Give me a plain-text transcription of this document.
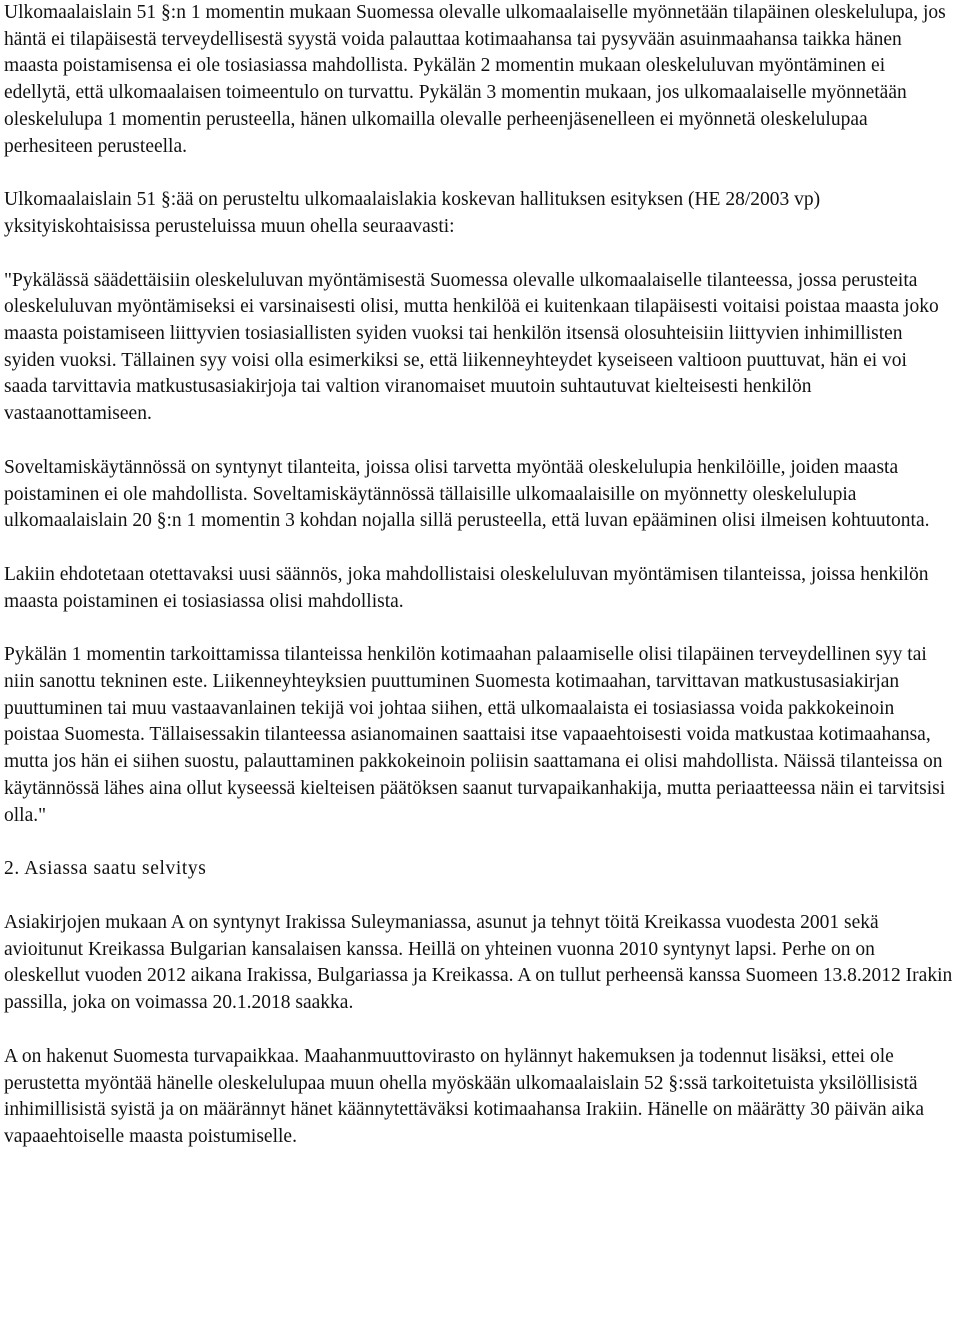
Ulkomaalaislain 51 §:n 1 momentin mukaan Suomessa olevalle ulkomaalaiselle myönnetään tilapäinen oleskelulupa, jos häntä ei tilapäisestä terveydellisestä syystä voida palauttaa kotimaahansa tai pysyvään asuinmaahansa taikka hänen maasta poistamisensa ei ole tosiasiassa mahdollista. Pykälän 2 momentin mukaan oleskeluluvan myöntäminen ei edellytä, että ulkomaalaisen toimeentulo on turvattu. Pykälän 3 momentin mukaan, jos ulkomaalaiselle myönnetään oleskelulupa 1 momentin perusteella, hänen ulkomailla olevalle perheenjäsenelleen ei myönnetä oleskelulupaa perhesiteen perusteella.

Ulkomaalaislain 51 §:ää on perusteltu ulkomaalaislakia koskevan hallituksen esityksen (HE 28/2003 vp) yksityiskohtaisissa perusteluissa muun ohella seuraavasti:

"Pykälässä säädettäisiin oleskeluluvan myöntämisestä Suomessa olevalle ulkomaalaiselle tilanteessa, jossa perusteita oleskeluluvan myöntämiseksi ei varsinaisesti olisi, mutta henkilöä ei kuitenkaan tilapäisesti voitaisi poistaa maasta joko maasta poistamiseen liittyvien tosiasiallisten syiden vuoksi tai henkilön itsensä olosuhteisiin liittyvien inhimillisten syiden vuoksi. Tällainen syy voisi olla esimerkiksi se, että liikenneyhteydet kyseiseen valtioon puuttuvat, hän ei voi saada tarvittavia matkustusasiakirjoja tai valtion viranomaiset muutoin suhtautuvat kielteisesti henkilön vastaanottamiseen.

Soveltamiskäytännössä on syntynyt tilanteita, joissa olisi tarvetta myöntää oleskelulupia henkilöille, joiden maasta poistaminen ei ole mahdollista. Soveltamiskäytännössä tällaisille ulkomaalaisille on myönnetty oleskelulupia ulkomaalaislain 20 §:n 1 momentin 3 kohdan nojalla sillä perusteella, että luvan epääminen olisi ilmeisen kohtuutonta.

Lakiin ehdotetaan otettavaksi uusi säännös, joka mahdollistaisi oleskeluluvan myöntämisen tilanteissa, joissa henkilön maasta poistaminen ei tosiasiassa olisi mahdollista.

Pykälän 1 momentin tarkoittamissa tilanteissa henkilön kotimaahan palaamiselle olisi tilapäinen terveydellinen syy tai niin sanottu tekninen este. Liikenneyhteyksien puuttuminen Suomesta kotimaahan, tarvittavan matkustusasiakirjan puuttuminen tai muu vastaavanlainen tekijä voi johtaa siihen, että ulkomaalaista ei tosiasiassa voida pakkokeinoin poistaa Suomesta. Tällaisessakin tilanteessa asianomainen saattaisi itse vapaaehtoisesti voida matkustaa kotimaahansa, mutta jos hän ei siihen suostu, palauttaminen pakkokeinoin poliisin saattamana ei olisi mahdollista. Näissä tilanteissa on käytännössä lähes aina ollut kyseessä kielteisen päätöksen saanut turvapaikanhakija, mutta periaatteessa näin ei tarvitsisi olla."

2. Asiassa saatu selvitys

Asiakirjojen mukaan A on syntynyt Irakissa Suleymaniassa, asunut ja tehnyt töitä Kreikassa vuodesta 2001 sekä avioitunut Kreikassa Bulgarian kansalaisen kanssa. Heillä on yhteinen vuonna 2010 syntynyt lapsi. Perhe on on oleskellut vuoden 2012 aikana Irakissa, Bulgariassa ja Kreikassa. A on tullut perheensä kanssa Suomeen 13.8.2012 Irakin passilla, joka on voimassa 20.1.2018 saakka.

A on hakenut Suomesta turvapaikkaa. Maahanmuuttovirasto on hylännyt hakemuksen ja todennut lisäksi, ettei ole perustetta myöntää hänelle oleskelulupaa muun ohella myöskään ulkomaalaislain 52 §:ssä tarkoitetuista yksilöllisistä inhimillisistä syistä ja on määrännyt hänet käännytettäväksi kotimaahansa Irakiin. Hänelle on määrätty 30 päivän aika vapaaehtoiselle maasta poistumiselle.
